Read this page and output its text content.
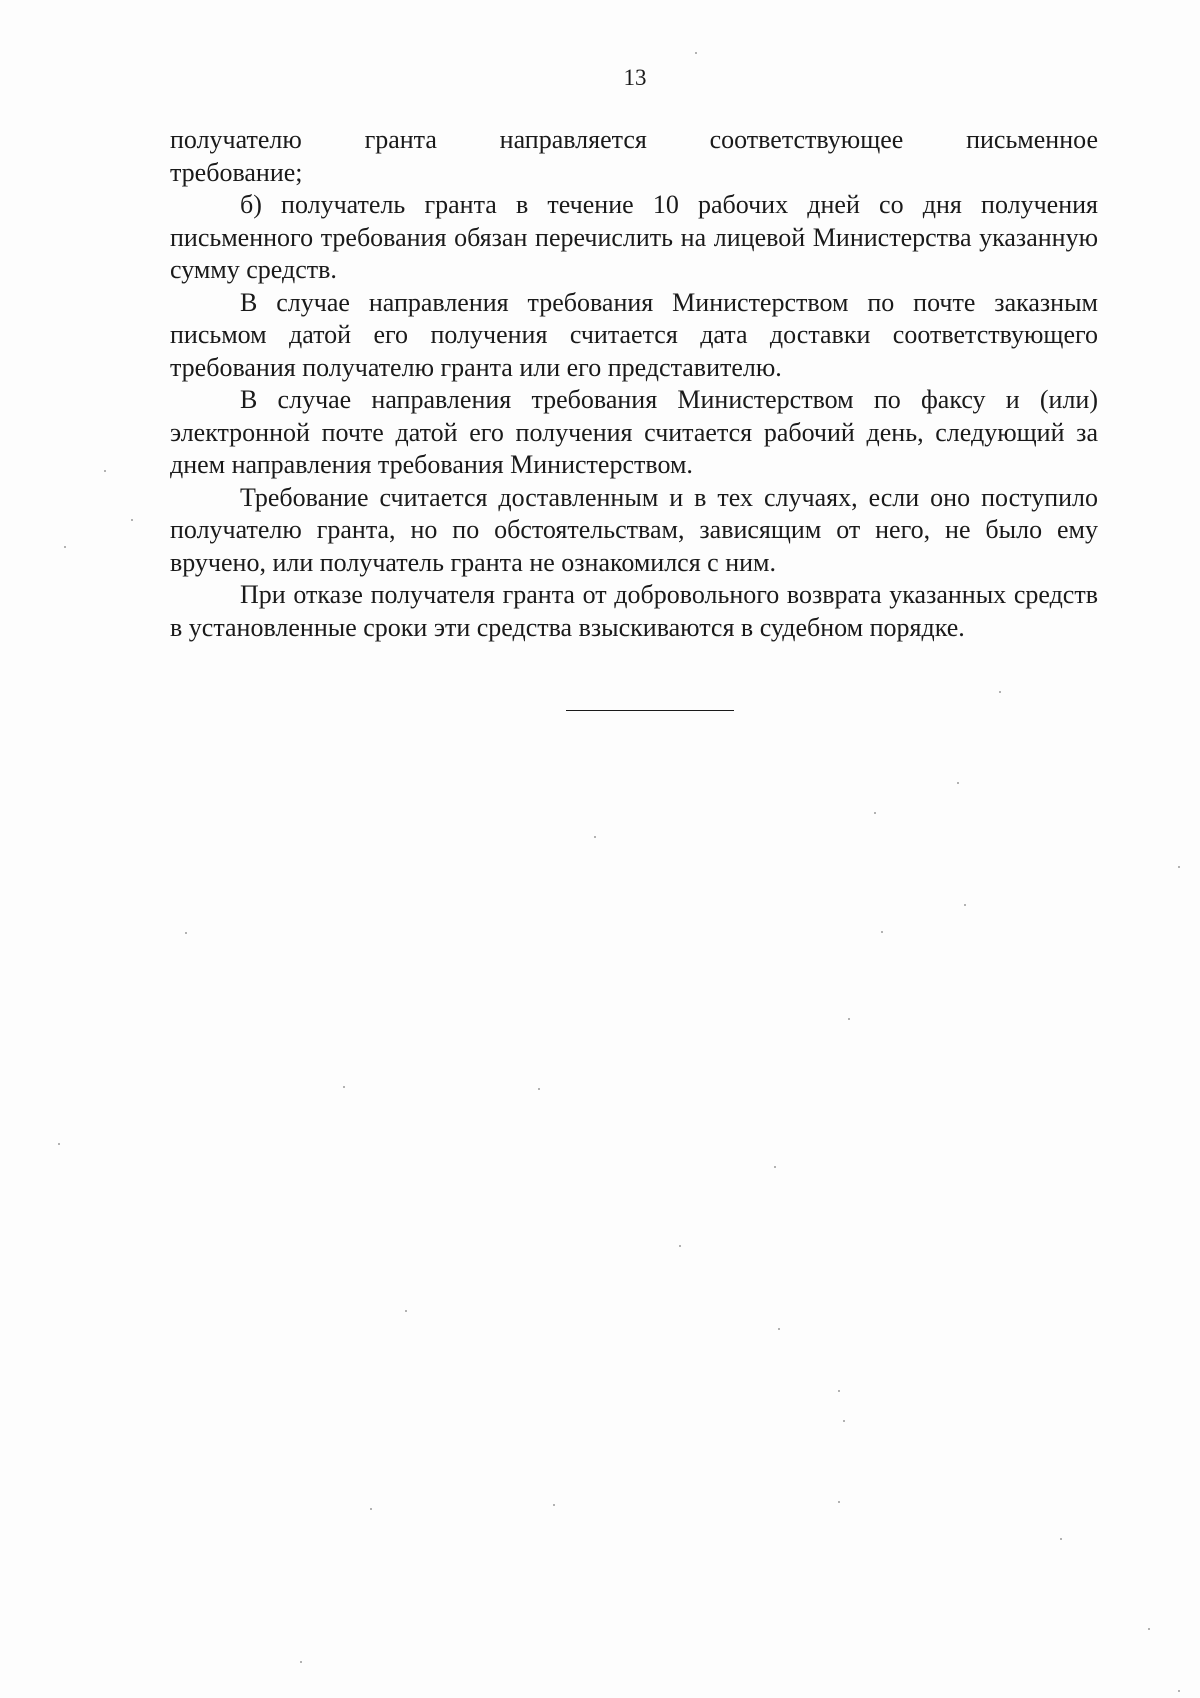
13
получателю гранта направляется соответствующее письменное
требование;

б) получатель гранта в течение 10 рабочих дней со дня получения письменного требования обязан перечислить на лицевой Министерства указанную сумму средств.

В случае направления требования Министерством по почте заказным письмом датой его получения считается дата доставки соответствующего требования получателю гранта или его представителю.

В случае направления требования Министерством по факсу и (или) электронной почте датой его получения считается рабочий день, следующий за днем направления требования Министерством.

Требование считается доставленным и в тех случаях, если оно поступило получателю гранта, но по обстоятельствам, зависящим от него, не было ему вручено, или получатель гранта не ознакомился с ним.

При отказе получателя гранта от добровольного возврата указанных средств в установленные сроки эти средства взыскиваются в судебном порядке.
